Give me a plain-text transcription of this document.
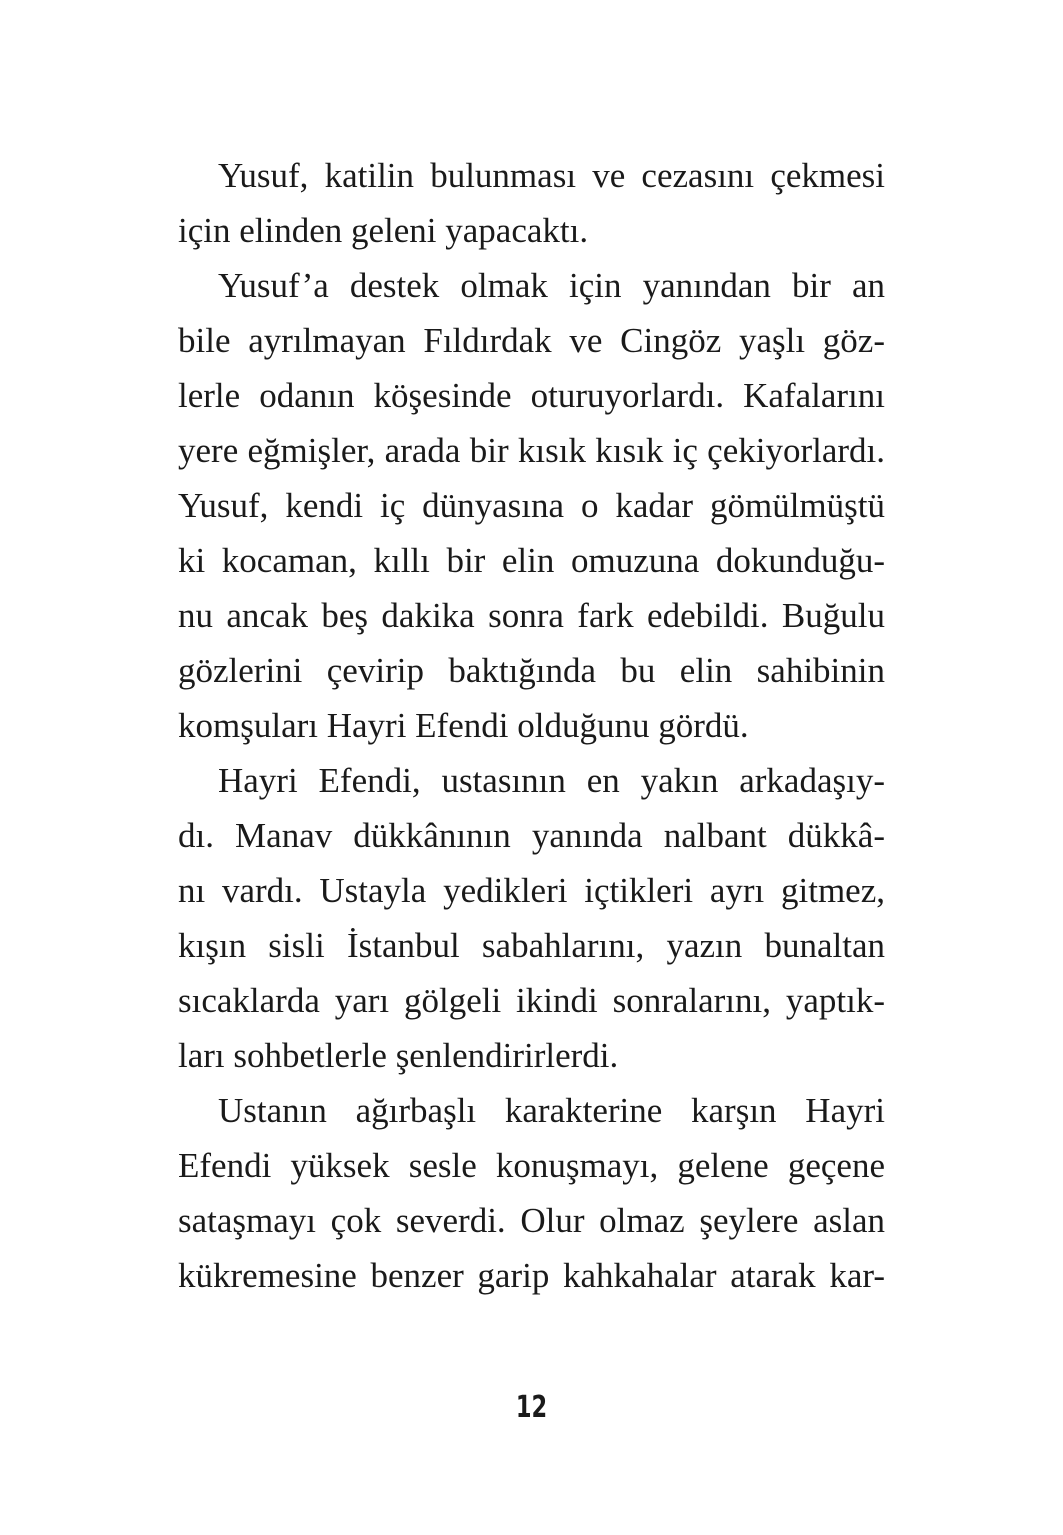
Yusuf, katilin bulunması ve cezasını çekmesi
için elinden geleni yapacaktı.
Yusuf’a destek olmak için yanından bir an
bile ayrılmayan Fıldırdak ve Cingöz yaşlı göz-
lerle odanın köşesinde oturuyorlardı. Kafalarını
yere eğmişler, arada bir kısık kısık iç çekiyorlardı.
Yusuf, kendi iç dünyasına o kadar gömülmüştü
ki kocaman, kıllı bir elin omuzuna dokunduğu-
nu ancak beş dakika sonra fark edebildi. Buğulu
gözlerini çevirip baktığında bu elin sahibinin
komşuları Hayri Efendi olduğunu gördü.
Hayri Efendi, ustasının en yakın arkadaşıy-
dı. Manav dükkânının yanında nalbant dükkâ-
nı vardı. Ustayla yedikleri içtikleri ayrı gitmez,
kışın sisli İstanbul sabahlarını, yazın bunaltan
sıcaklarda yarı gölgeli ikindi sonralarını, yaptık-
ları sohbetlerle şenlendirirlerdi.
Ustanın ağırbaşlı karakterine karşın Hayri
Efendi yüksek sesle konuşmayı, gelene geçene
sataşmayı çok severdi. Olur olmaz şeylere aslan
kükremesine benzer garip kahkahalar atarak kar-
12
